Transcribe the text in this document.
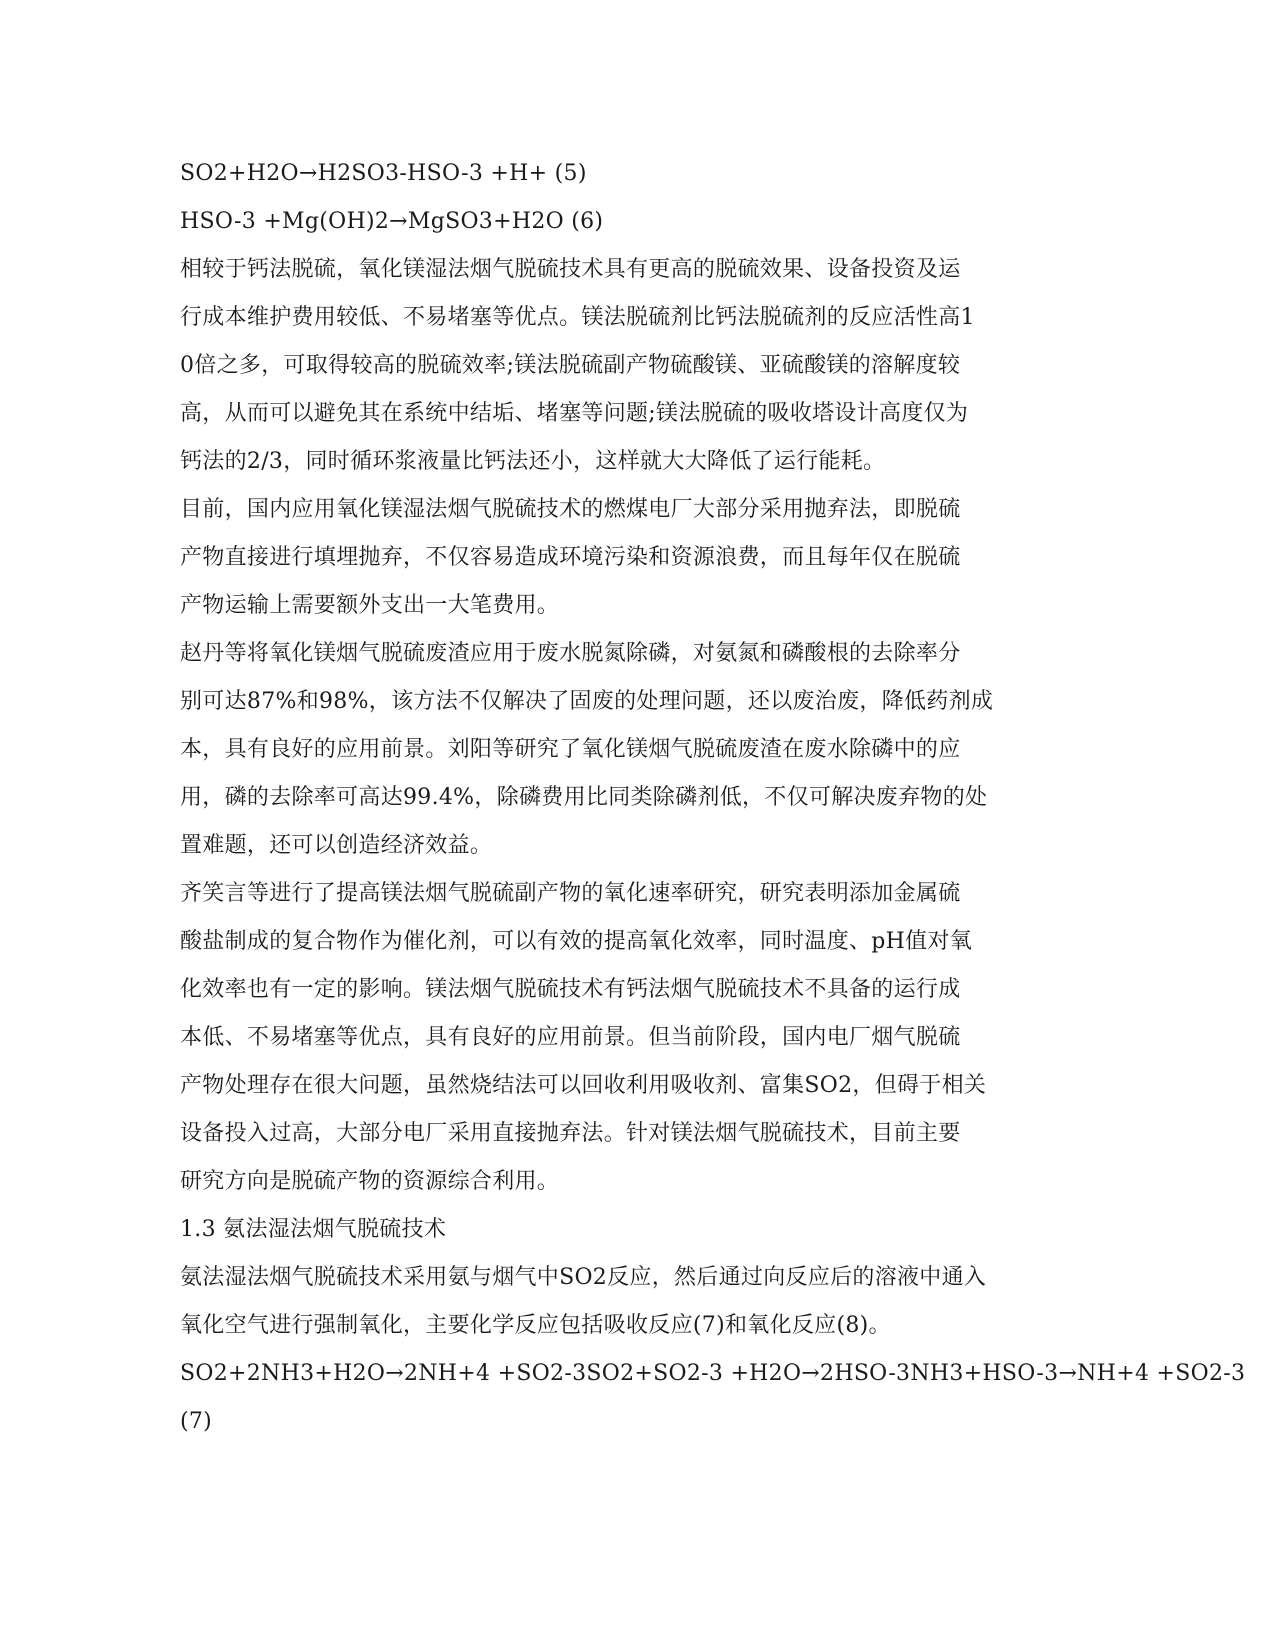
SO2+H2O→H2SO3-HSO-3 +H+ (5)
HSO-3 +Mg(OH)2→MgSO3+H2O (6)
相较于钙法脱硫，氧化镁湿法烟气脱硫技术具有更高的脱硫效果、设备投资及运
行成本维护费用较低、不易堵塞等优点。镁法脱硫剂比钙法脱硫剂的反应活性高1
0倍之多，可取得较高的脱硫效率;镁法脱硫副产物硫酸镁、亚硫酸镁的溶解度较
高，从而可以避免其在系统中结垢、堵塞等问题;镁法脱硫的吸收塔设计高度仅为
钙法的2/3，同时循环浆液量比钙法还小，这样就大大降低了运行能耗。
目前，国内应用氧化镁湿法烟气脱硫技术的燃煤电厂大部分采用抛弃法，即脱硫
产物直接进行填埋抛弃，不仅容易造成环境污染和资源浪费，而且每年仅在脱硫
产物运输上需要额外支出一大笔费用。
赵丹等将氧化镁烟气脱硫废渣应用于废水脱氮除磷，对氨氮和磷酸根的去除率分
别可达87%和98%，该方法不仅解决了固废的处理问题，还以废治废，降低药剂成
本，具有良好的应用前景。刘阳等研究了氧化镁烟气脱硫废渣在废水除磷中的应
用，磷的去除率可高达99.4%，除磷费用比同类除磷剂低，不仅可解决废弃物的处
置难题，还可以创造经济效益。
齐笑言等进行了提高镁法烟气脱硫副产物的氧化速率研究，研究表明添加金属硫
酸盐制成的复合物作为催化剂，可以有效的提高氧化效率，同时温度、pH值对氧
化效率也有一定的影响。镁法烟气脱硫技术有钙法烟气脱硫技术不具备的运行成
本低、不易堵塞等优点，具有良好的应用前景。但当前阶段，国内电厂烟气脱硫
产物处理存在很大问题，虽然烧结法可以回收利用吸收剂、富集SO2，但碍于相关
设备投入过高，大部分电厂采用直接抛弃法。针对镁法烟气脱硫技术，目前主要
研究方向是脱硫产物的资源综合利用。
1.3 氨法湿法烟气脱硫技术
氨法湿法烟气脱硫技术采用氨与烟气中SO2反应，然后通过向反应后的溶液中通入
氧化空气进行强制氧化，主要化学反应包括吸收反应(7)和氧化反应(8)。
SO2+2NH3+H2O→2NH+4 +SO2-3SO2+SO2-3 +H2O→2HSO-3NH3+HSO-3→NH+4 +SO2-3
(7)
